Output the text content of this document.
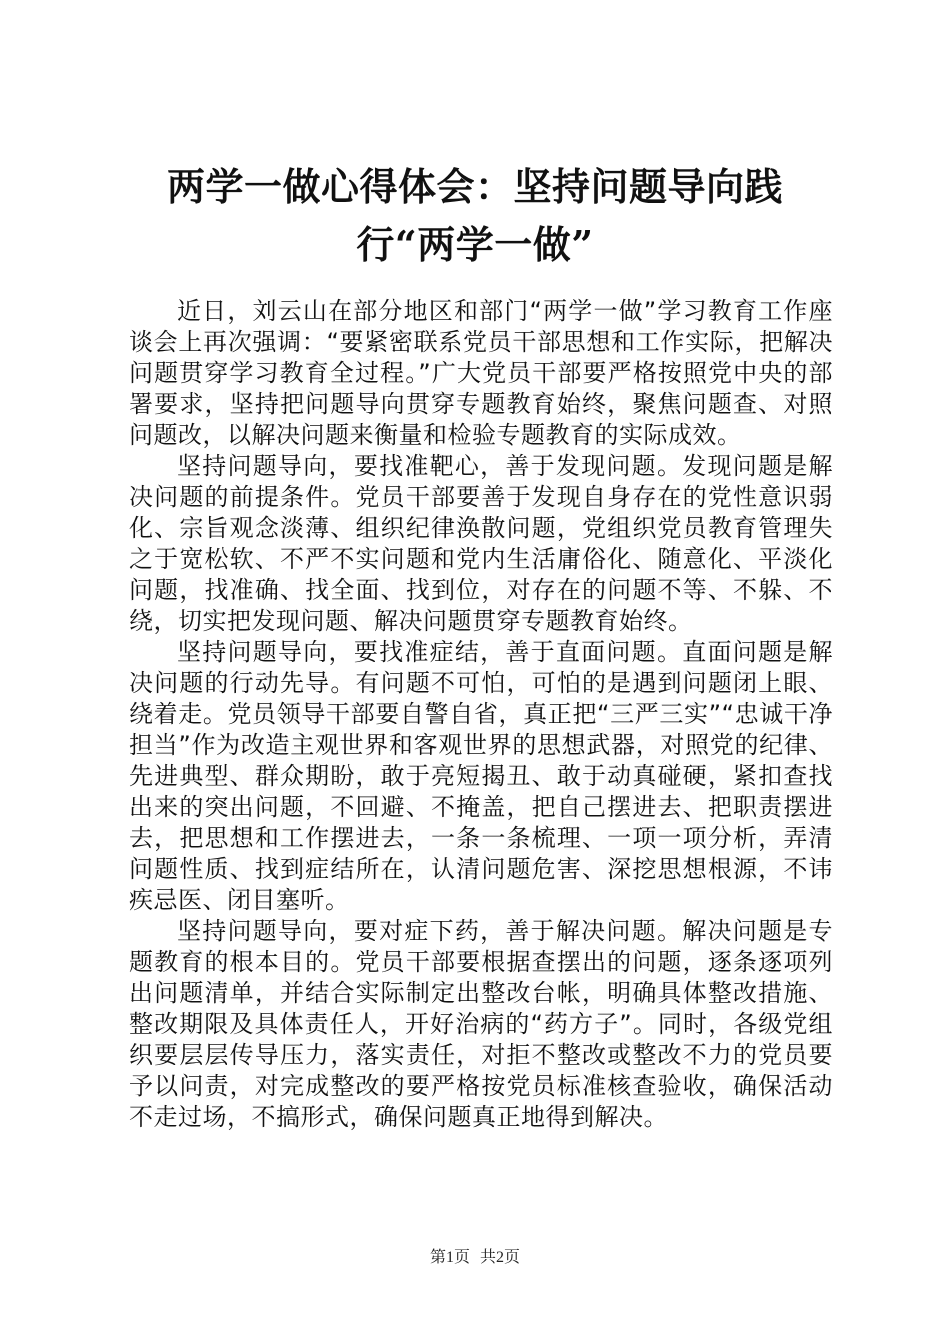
两学一做心得体会：坚持问题导向践行“两学一做”

近日，刘云山在部分地区和部门“两学一做”学习教育工作座谈会上再次强调：“要紧密联系党员干部思想和工作实际，把解决问题贯穿学习教育全过程。”广大党员干部要严格按照党中央的部署要求，坚持把问题导向贯穿专题教育始终，聚焦问题查、对照问题改，以解决问题来衡量和检验专题教育的实际成效。

坚持问题导向，要找准靶心，善于发现问题。发现问题是解决问题的前提条件。党员干部要善于发现自身存在的党性意识弱化、宗旨观念淡薄、组织纪律涣散问题，党组织党员教育管理失之于宽松软、不严不实问题和党内生活庸俗化、随意化、平淡化问题，找准确、找全面、找到位，对存在的问题不等、不躲、不绕，切实把发现问题、解决问题贯穿专题教育始终。

坚持问题导向，要找准症结，善于直面问题。直面问题是解决问题的行动先导。有问题不可怕，可怕的是遇到问题闭上眼、绕着走。党员领导干部要自警自省，真正把“三严三实”“忠诚干净担当”作为改造主观世界和客观世界的思想武器，对照党的纪律、先进典型、群众期盼，敢于亮短揭丑、敢于动真碰硬，紧扣查找出来的突出问题，不回避、不掩盖，把自己摆进去、把职责摆进去，把思想和工作摆进去，一条一条梳理、一项一项分析，弄清问题性质、找到症结所在，认清问题危害、深挖思想根源，不讳疾忌医、闭目塞听。

坚持问题导向，要对症下药，善于解决问题。解决问题是专题教育的根本目的。党员干部要根据查摆出的问题，逐条逐项列出问题清单，并结合实际制定出整改台帐，明确具体整改措施、整改期限及具体责任人，开好治病的“药方子”。同时，各级党组织要层层传导压力，落实责任，对拒不整改或整改不力的党员要予以问责，对完成整改的要严格按党员标准核查验收，确保活动不走过场，不搞形式，确保问题真正地得到解决。

第1页 共2页
